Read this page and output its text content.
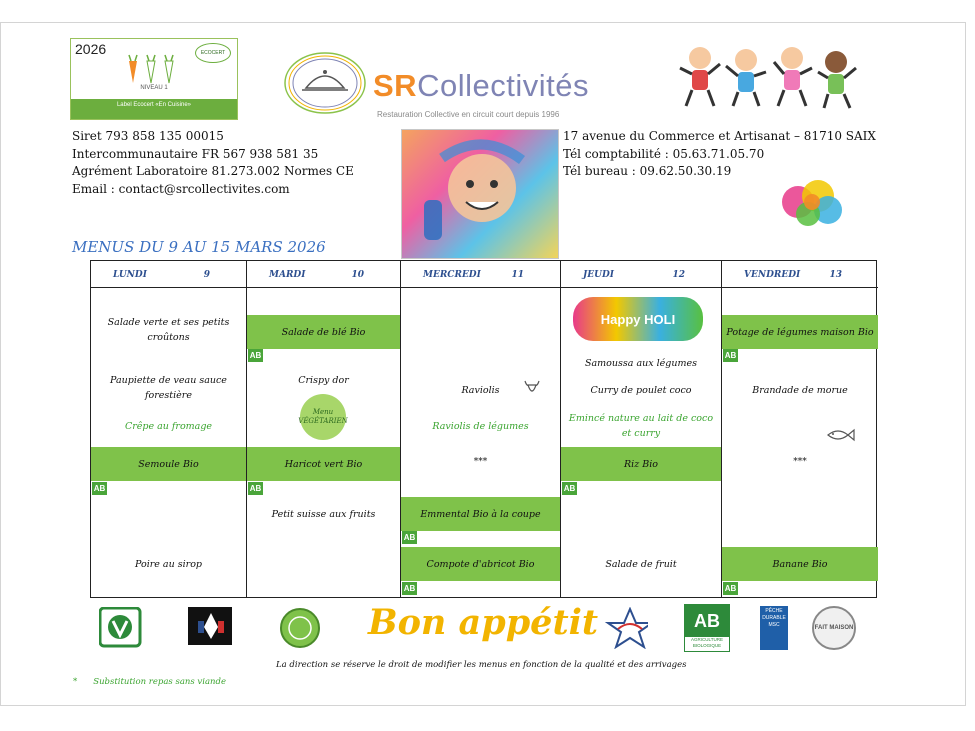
2026	ECOCERT
NIVEAU 1
Label Ecocert «En Cuisine»
SRCollectivités
Restauration Collective en circuit court depuis 1996
Siret 793 858 135 00015
Intercommunautaire FR 567 938 581 35
Agrément Laboratoire 81.273.002 Normes CE
Email : contact@srcollectivites.com
17 avenue du Commerce et Artisanat – 81710 SAIX
Tél comptabilité : 05.63.71.05.70
Tél bureau : 09.62.50.30.19
MENUS DU 9 AU 15 MARS 2026
LUNDI	9
Salade verte et ses petits croûtons
Paupiette de veau sauce forestière
Crêpe au fromage
Semoule Bio
AB
Poire au sirop
MARDI	10
Salade de blé Bio
AB
Crispy dor
Menu VÉGÉTARIEN
Haricot vert Bio
AB
Petit suisse aux fruits
MERCREDI	11
Raviolis
Raviolis de légumes
***
Emmental Bio à la coupe
AB
Compote d'abricot Bio
AB
JEUDI	12
Happy HOLI
Samoussa aux légumes
Curry de poulet coco
Emincé nature au lait de coco et curry
Riz Bio
AB
Salade de fruit
VENDREDI	13
Potage de légumes maison Bio
AB
Brandade de morue
***
Banane Bio
AB
Bon appétit	AB
AGRICULTURE BIOLOGIQUE
PÊCHE DURABLE MSC	FAIT MAISON
La direction se réserve le droit de modifier les menus en fonction de la qualité et des arrivages
* Substitution repas sans viande
